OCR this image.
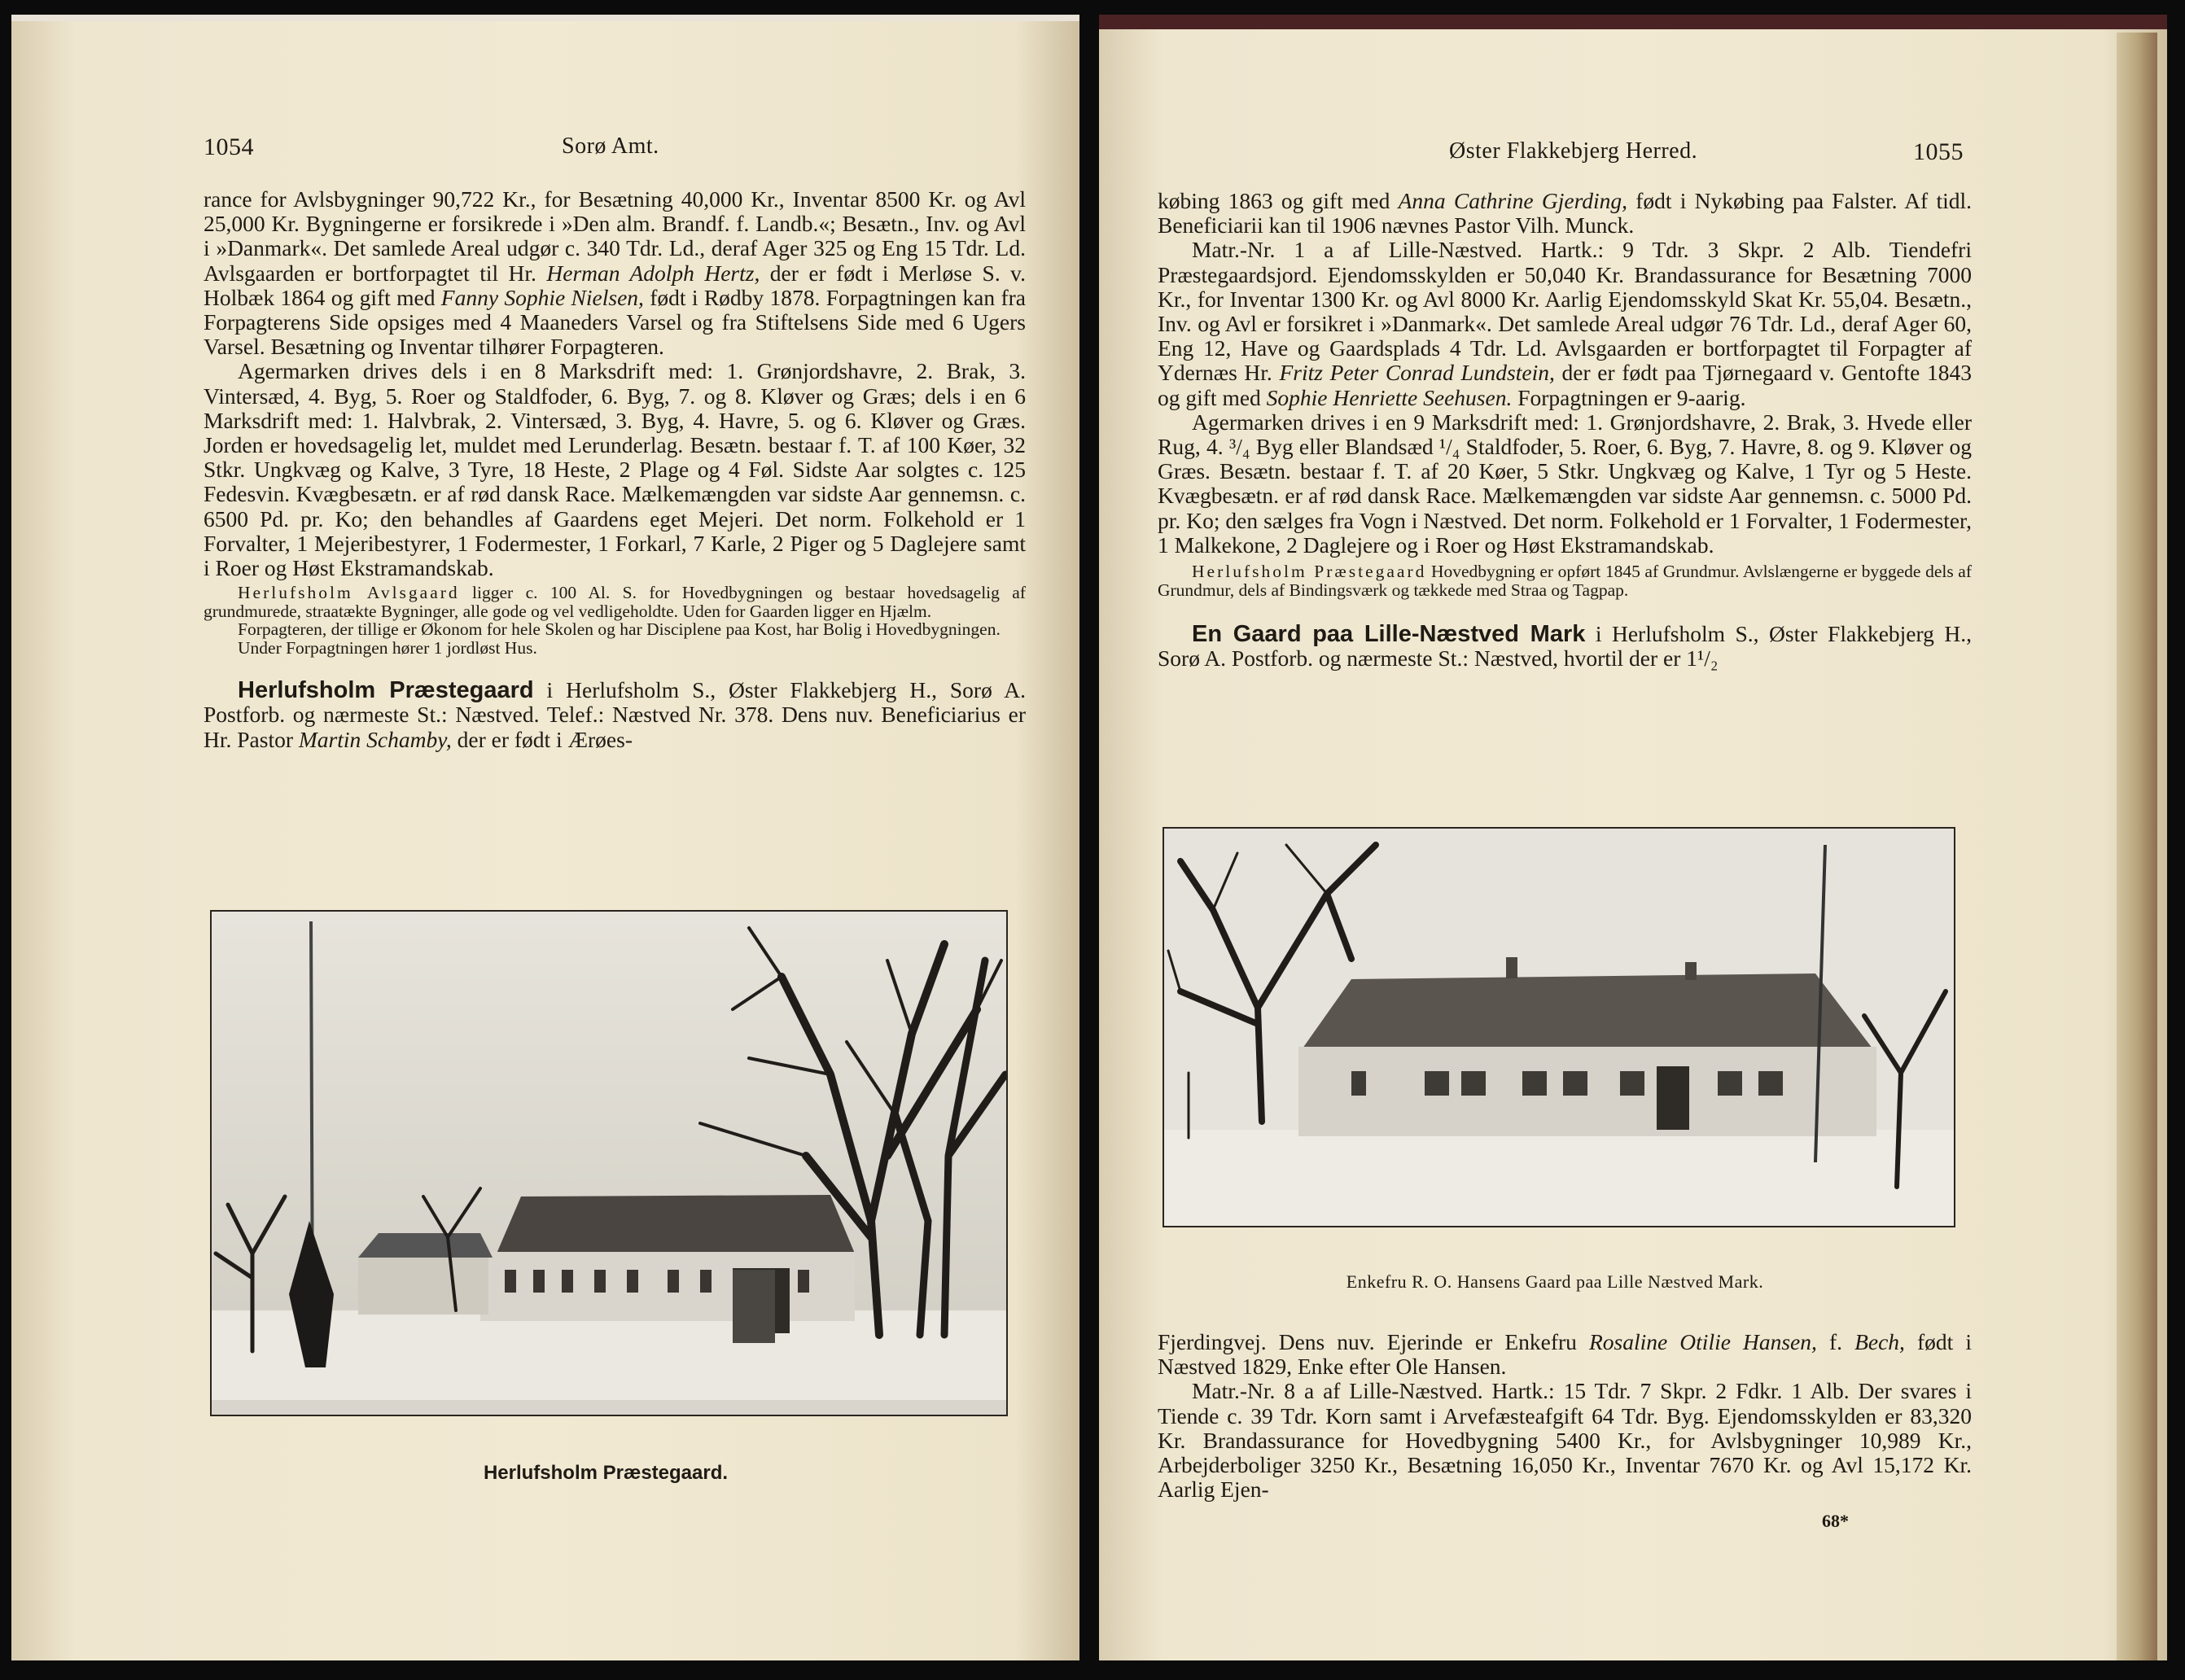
1054	Sorø Amt.

rance for Avlsbygninger 90,722 Kr., for Besætning 40,000 Kr., Inventar 8500 Kr. og Avl 25,000 Kr. Bygningerne er forsikrede i »Den alm. Brandf. f. Landb.«; Besætn., Inv. og Avl i »Danmark«. Det samlede Areal udgør c. 340 Tdr. Ld., deraf Ager 325 og Eng 15 Tdr. Ld. Avlsgaarden er bortforpagtet til Hr. Herman Adolph Hertz, der er født i Merløse S. v. Holbæk 1864 og gift med Fanny Sophie Nielsen, født i Rødby 1878. Forpagtningen kan fra Forpagterens Side opsiges med 4 Maaneders Varsel og fra Stiftelsens Side med 6 Ugers Varsel. Besætning og Inventar tilhører Forpagteren.

Agermarken drives dels i en 8 Marksdrift med: 1. Grønjordshavre, 2. Brak, 3. Vintersæd, 4. Byg, 5. Roer og Staldfoder, 6. Byg, 7. og 8. Kløver og Græs; dels i en 6 Marksdrift med: 1. Halvbrak, 2. Vintersæd, 3. Byg, 4. Havre, 5. og 6. Kløver og Græs. Jorden er hovedsagelig let, muldet med Lerunderlag. Besætn. bestaar f. T. af 100 Køer, 32 Stkr. Ungkvæg og Kalve, 3 Tyre, 18 Heste, 2 Plage og 4 Føl. Sidste Aar solgtes c. 125 Fedesvin. Kvægbesætn. er af rød dansk Race. Mælkemængden var sidste Aar gennemsn. c. 6500 Pd. pr. Ko; den behandles af Gaardens eget Mejeri. Det norm. Folkehold er 1 Forvalter, 1 Mejeribestyrer, 1 Fodermester, 1 Forkarl, 7 Karle, 2 Piger og 5 Daglejere samt i Roer og Høst Ekstramandskab.

Herlufsholm Avlsgaard ligger c. 100 Al. S. for Hovedbygningen og bestaar hovedsagelig af grundmurede, straatækte Bygninger, alle gode og vel vedligeholdte. Uden for Gaarden ligger en Hjælm.

Forpagteren, der tillige er Økonom for hele Skolen og har Disciplene paa Kost, har Bolig i Hovedbygningen.

Under Forpagtningen hører 1 jordløst Hus.

Herlufsholm Præstegaard i Herlufsholm S., Øster Flakkebjerg H., Sorø A. Postforb. og nærmeste St.: Næstved. Telef.: Næstved Nr. 378. Dens nuv. Beneficiarius er Hr. Pastor Martin Schamby, der er født i Ærøes-

Herlufsholm Præstegaard.
Øster Flakkebjerg Herred.	1055

købing 1863 og gift med Anna Cathrine Gjerding, født i Nykøbing paa Falster. Af tidl. Beneficiarii kan til 1906 nævnes Pastor Vilh. Munck.

Matr.-Nr. 1 a af Lille-Næstved. Hartk.: 9 Tdr. 3 Skpr. 2 Alb. Tiendefri Præstegaardsjord. Ejendomsskylden er 50,040 Kr. Brandassurance for Besætning 7000 Kr., for Inventar 1300 Kr. og Avl 8000 Kr. Aarlig Ejendomsskyld Skat Kr. 55,04. Besætn., Inv. og Avl er forsikret i »Danmark«. Det samlede Areal udgør 76 Tdr. Ld., deraf Ager 60, Eng 12, Have og Gaardsplads 4 Tdr. Ld. Avlsgaarden er bortforpagtet til Forpagter af Ydernæs Hr. Fritz Peter Conrad Lundstein, der er født paa Tjørnegaard v. Gentofte 1843 og gift med Sophie Henriette Seehusen. Forpagtningen er 9-aarig.

Agermarken drives i en 9 Marksdrift med: 1. Grønjordshavre, 2. Brak, 3. Hvede eller Rug, 4. ³/₄ Byg eller Blandsæd ¹/₄ Staldfoder, 5. Roer, 6. Byg, 7. Havre, 8. og 9. Kløver og Græs. Besætn. bestaar f. T. af 20 Køer, 5 Stkr. Ungkvæg og Kalve, 1 Tyr og 5 Heste. Kvægbesætn. er af rød dansk Race. Mælkemængden var sidste Aar gennemsn. c. 5000 Pd. pr. Ko; den sælges fra Vogn i Næstved. Det norm. Folkehold er 1 Forvalter, 1 Fodermester, 1 Malkekone, 2 Daglejere og i Roer og Høst Ekstramandskab.

Herlufsholm Præstegaard Hovedbygning er opført 1845 af Grundmur. Avlslængerne er byggede dels af Grundmur, dels af Bindingsværk og tækkede med Straa og Tagpap.

En Gaard paa Lille-Næstved Mark i Herlufsholm S., Øster Flakkebjerg H., Sorø A. Postforb. og nærmeste St.: Næstved, hvortil der er 1¹/₂

Enkefru R. O. Hansens Gaard paa Lille Næstved Mark.

Fjerdingvej. Dens nuv. Ejerinde er Enkefru Rosaline Otilie Hansen, f. Bech, født i Næstved 1829, Enke efter Ole Hansen.

Matr.-Nr. 8 a af Lille-Næstved. Hartk.: 15 Tdr. 7 Skpr. 2 Fdkr. 1 Alb. Der svares i Tiende c. 39 Tdr. Korn samt i Arvefæsteafgift 64 Tdr. Byg. Ejendomsskylden er 83,320 Kr. Brandassurance for Hovedbygning 5400 Kr., for Avlsbygninger 10,989 Kr., Arbejderboliger 3250 Kr., Besætning 16,050 Kr., Inventar 7670 Kr. og Avl 15,172 Kr. Aarlig Ejen-

68*
